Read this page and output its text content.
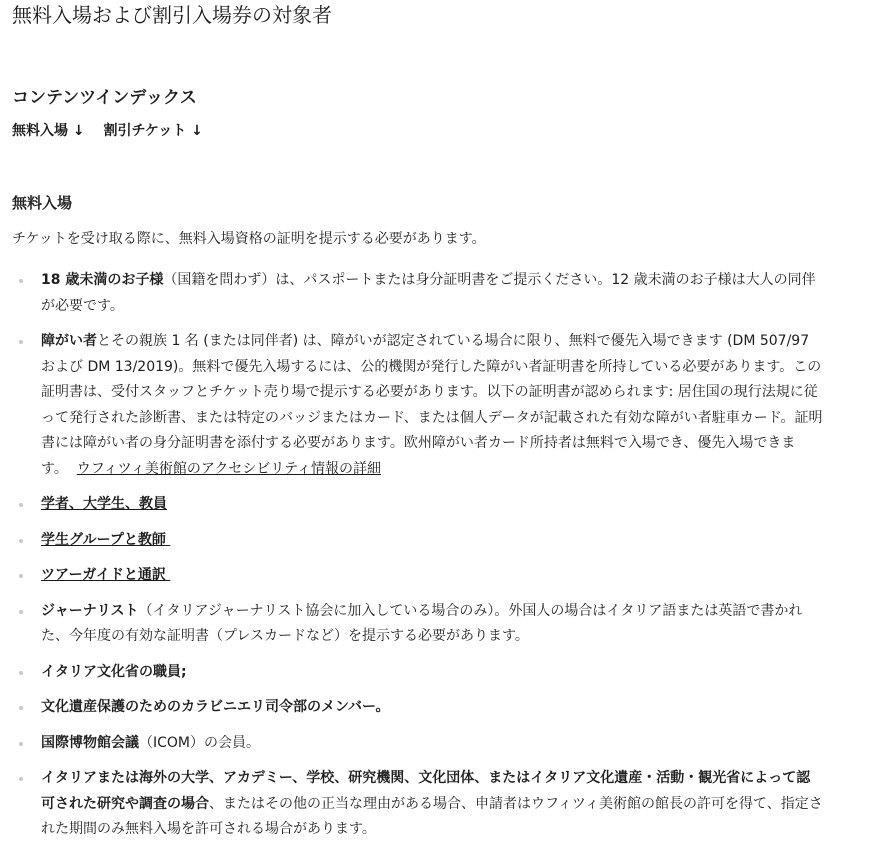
無料入場および割引入場券の対象者
コンテンツインデックス
無料入場 ↓ 割引チケット ↓
無料入場

チケットを受け取る際に、無料入場資格の証明を提示する必要があります。

18 歳未満のお子様（国籍を問わず）は、パスポートまたは身分証明書をご提示ください。12 歳未満のお子様は大人の同伴が必要です。
障がい者とその親族 1 名 (または同伴者) は、障がいが認定されている場合に限り、無料で優先入場できます (DM 507/97 および DM 13/2019)。無料で優先入場するには、公的機関が発行した障がい者証明書を所持している必要があります。この証明書は、受付スタッフとチケット売り場で提示する必要があります。以下の証明書が認められます: 居住国の現行法規に従って発行された診断書、または特定のバッジまたはカード、または個人データが記載された有効な障がい者駐車カード。証明書には障がい者の身分証明書を添付する必要があります。欧州障がい者カード所持者は無料で入場でき、優先入場できます。 ウフィツィ美術館のアクセシビリティ情報の詳細
学者、大学生、教員
学生グループと教師
ツアーガイドと通訳
ジャーナリスト（イタリアジャーナリスト協会に加入している場合のみ）。外国人の場合はイタリア語または英語で書かれた、今年度の有効な証明書（プレスカードなど）を提示する必要があります。
イタリア文化省の職員;
文化遺産保護のためのカラビニエリ司令部のメンバー。
国際博物館会議（ICOM）の会員。
イタリアまたは海外の大学、アカデミー、学校、研究機関、文化団体、またはイタリア文化遺産・活動・観光省によって認可された研究や調査の場合、またはその他の正当な理由がある場合、申請者はウフィツィ美術館の館長の許可を得て、指定された期間のみ無料入場を許可される場合があります。
